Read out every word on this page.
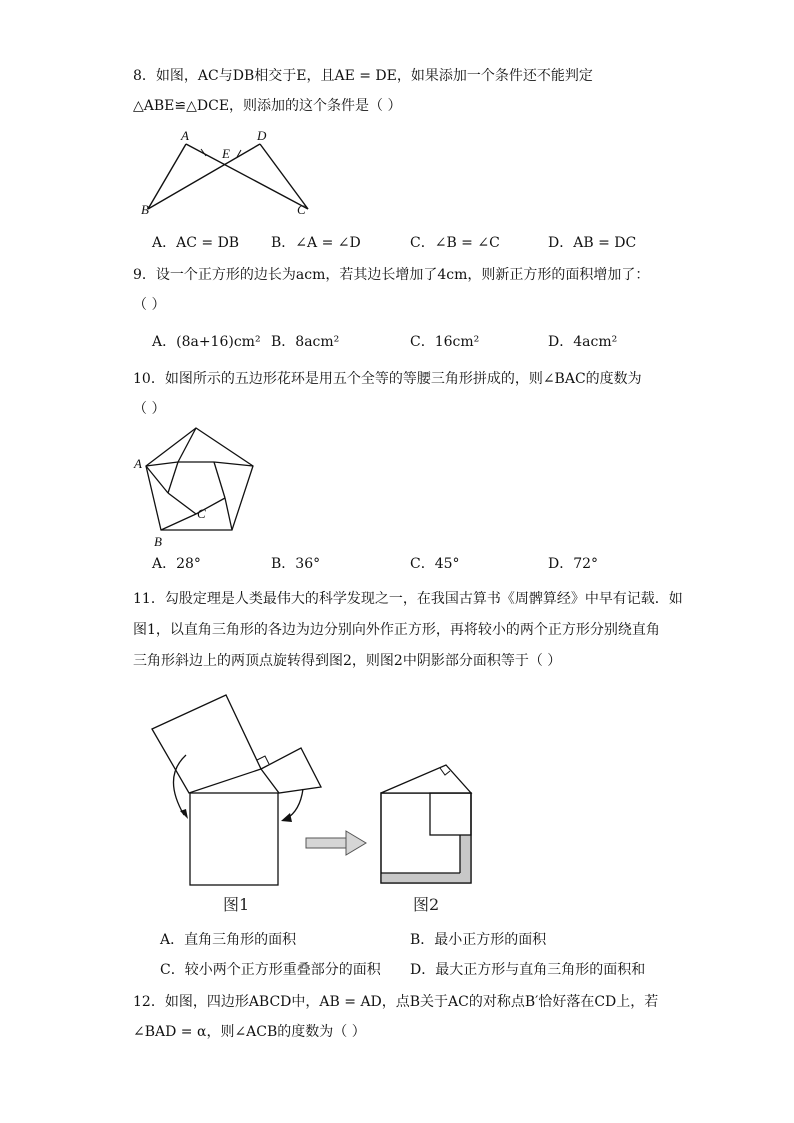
8．如图，AC与DB相交于E，且AE = DE，如果添加一个条件还不能判定
△ABE≌△DCE，则添加的这个条件是（ ）
A	D
E
B	C
A．AC = DB B．∠A = ∠D	C．∠B = ∠C	D．AB = DC
9．设一个正方形的边长为acm，若其边长增加了4cm，则新正方形的面积增加了：
（ ）
A．(8a+16)cm² B．8acm²	C．16cm²	D．4acm²
10．如图所示的五边形花环是用五个全等的等腰三角形拼成的，则∠BAC的度数为
（ ）
A
B
C
A．28°	B．36°	C．45°	D．72°
11．勾股定理是人类最伟大的科学发现之一，在我国古算书《周髀算经》中早有记载．如
图1，以直角三角形的各边为边分别向外作正方形，再将较小的两个正方形分别绕直角
三角形斜边上的两顶点旋转得到图2，则图2中阴影部分面积等于（ ）
图1	图2
A．直角三角形的面积	B．最小正方形的面积
C．较小两个正方形重叠部分的面积 D．最大正方形与直角三角形的面积和
12．如图，四边形ABCD中，AB = AD，点B关于AC的对称点B′恰好落在CD上，若
∠BAD = α，则∠ACB的度数为（ ）
